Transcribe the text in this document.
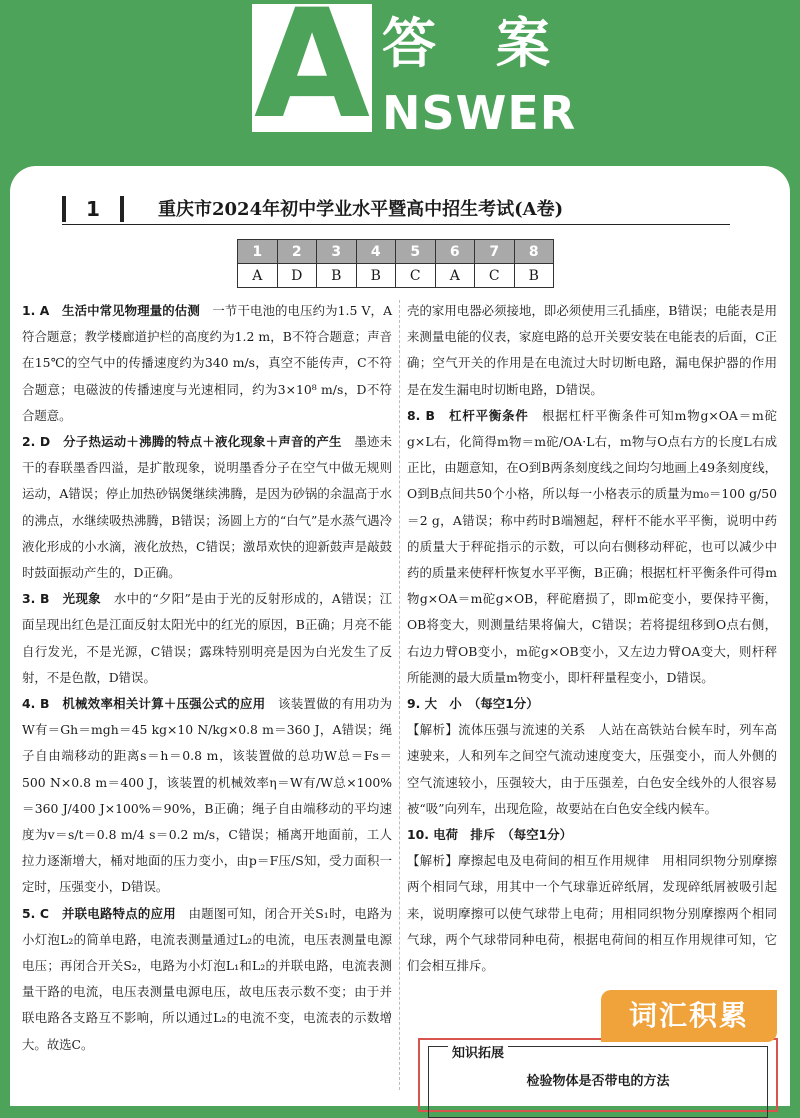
A 答案
NSWER
1	重庆市2024年初中学业水平暨高中招生考试(A卷)
1	2	3	4	5	6	7	8
A	D	B	B	C	A	C	B

1. A　 生活中常见物理量的估测　 一节干电池的电压约为1.5 V，A符合题意；教学楼廊道护栏的高度约为1.2 m，B不符合题意；声音在15℃的空气中的传播速度约为340 m/s，真空不能传声，C不符合题意；电磁波的传播速度与光速相同，约为3×10⁸ m/s，D不符合题意。

2. D　 分子热运动＋沸腾的特点＋液化现象＋声音的产生　 墨迹未干的春联墨香四溢，是扩散现象，说明墨香分子在空气中做无规则运动，A错误；停止加热砂锅煲继续沸腾，是因为砂锅的余温高于水的沸点，水继续吸热沸腾，B错误；汤圆上方的“白气”是水蒸气遇冷液化形成的小水滴，液化放热，C错误；激昂欢快的迎新鼓声是敲鼓时鼓面振动产生的，D正确。

3. B　 光现象　 水中的“夕阳”是由于光的反射形成的，A错误；江面呈现出红色是江面反射太阳光中的红光的原因，B正确；月亮不能自行发光，不是光源，C错误；露珠特别明亮是因为白光发生了反射，不是色散，D错误。

4. B　 机械效率相关计算＋压强公式的应用　 该装置做的有用功为W有＝Gh＝mgh＝45 kg×10 N/kg×0.8 m＝360 J，A错误；绳子自由端移动的距离s＝h＝0.8 m，该装置做的总功W总＝Fs＝500 N×0.8 m＝400 J，该装置的机械效率η＝W有/W总×100%＝360 J/400 J×100%＝90%，B正确；绳子自由端移动的平均速度为v＝s/t＝0.8 m/4 s＝0.2 m/s，C错误；桶离开地面前，工人拉力逐渐增大，桶对地面的压力变小，由p＝F压/S知，受力面积一定时，压强变小，D错误。

5. C　 并联电路特点的应用　 由题图可知，闭合开关S₁时，电路为小灯泡L₂的简单电路，电流表测量通过L₂的电流，电压表测量电源电压；再闭合开关S₂，电路为小灯泡L₁和L₂的并联电路，电流表测量干路的电流，电压表测量电源电压，故电压表示数不变；由于并联电路各支路互不影响，所以通过L₂的电流不变，电流表的示数增大。故选C。

壳的家用电器必须接地，即必须使用三孔插座，B错误；电能表是用来测量电能的仪表，家庭电路的总开关要安装在电能表的后面，C正确；空气开关的作用是在电流过大时切断电路，漏电保护器的作用是在发生漏电时切断电路，D错误。

8. B　 杠杆平衡条件　 根据杠杆平衡条件可知m物g×OA＝m砣g×L右，化简得m物＝m砣/OA·L右，m物与O点右方的长度L右成正比，由题意知，在O到B两条刻度线之间均匀地画上49条刻度线，O到B点间共50个小格，所以每一小格表示的质量为m₀＝100 g/50＝2 g，A错误；称中药时B端翘起，秤杆不能水平平衡，说明中药的质量大于秤砣指示的示数，可以向右侧移动秤砣，也可以减少中药的质量来使秤杆恢复水平平衡，B正确；根据杠杆平衡条件可得m物g×OA＝m砣g×OB，秤砣磨损了，即m砣变小，要保持平衡，OB将变大，则测量结果将偏大，C错误；若将提纽移到O点右侧，右边力臂OB变小，m砣g×OB变小，又左边力臂OA变大，则杆秤所能测的最大质量m物变小，即杆秤量程变小，D错误。

9. 大　小　 （每空1分）
【解析】流体压强与流速的关系　人站在高铁站台候车时，列车高速驶来，人和列车之间空气流动速度变大，压强变小，而人外侧的空气流速较小，压强较大，由于压强差，白色安全线外的人很容易被“吸”向列车，出现危险，故要站在白色安全线内候车。

10. 电荷　排斥　 （每空1分）
【解析】摩擦起电及电荷间的相互作用规律　用相同织物分别摩擦两个相同气球，用其中一个气球靠近碎纸屑，发现碎纸屑被吸引起来，说明摩擦可以使气球带上电荷；用相同织物分别摩擦两个相同气球，两个气球带同种电荷，根据电荷间的相互作用规律可知，它们会相互排斥。

知识拓展
检验物体是否带电的方法
词汇积累
